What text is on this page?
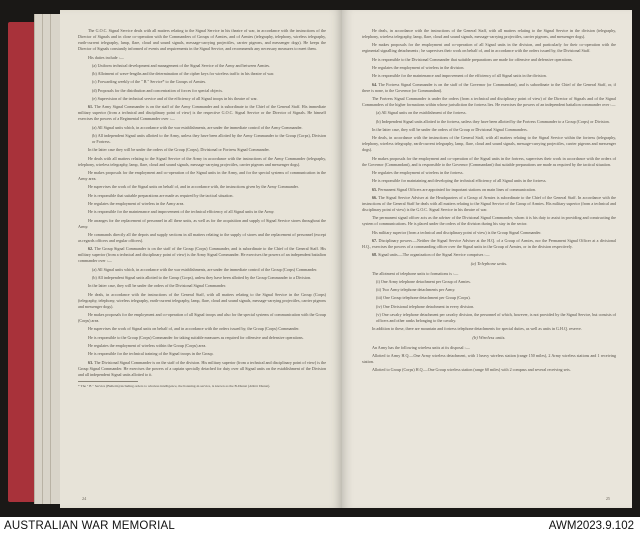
The G.O.C. Signal Service deals with all matters relating to the Signal Service in his theatre of war, in accordance with the instructions of the Director of Signals and in close co-operation with the Commanders of Groups of Armies, and of Armies (telegraphy, telephony, wireless telegraphy, earth-current telegraphy, lamp, flare, cloud and sound signals, message-carrying projectiles, carrier pigeons, and messenger dogs). He keeps the Director of Signals constantly informed of events and requirements in the Signal Service, and recommends any necessary measures to meet them.
His duties include :—
(a) Uniform technical development and management of the Signal Service of the Army and between Armies.
(b) Allotment of wave-lengths and the determination of the cipher keys for wireless traffic in his theatre of war.
(c) Forwarding weekly of the " B " Service* to the Groups of Armies.
(d) Proposals for the distribution and concentration of forces for special objects.
(e) Supervision of the technical service and of the efficiency of all Signal troops in his theatre of war.
61. The Army Signal Commander is on the staff of the Army Commander and is subordinate to the Chief of the General Staff. His immediate military superior (from a technical and disciplinary point of view) is the respective G.O.C. Signal Service or the Director of Signals. He himself exercises the powers of a Regimental Commander over :—
(a) All Signal units which, in accordance with the war establishments, are under the immediate control of the Army Commander.
(b) All independent Signal units allotted to the Army, unless they have been allotted by the Army Commander to the Group (Corps), Division or Fortress.
In the latter case they will be under the orders of the Group (Corps), Divisional or Fortress Signal Commander.
He deals with all matters relating to the Signal Service of the Army in accordance with the instructions of the Army Commander (telegraphy, telephony, wireless telegraphy, lamp, flare, cloud and sound signals, message-carrying projectiles, carrier pigeons and messenger dogs).
He makes proposals for the employment and co-operation of the Signal units in the Army, and for the special systems of communication in the Army area.
He supervises the work of the Signal units on behalf of, and in accordance with, the instructions given by the Army Commander.
He is responsible that suitable preparations are made as required by the tactical situation.
He regulates the employment of wireless in the Army area.
He is responsible for the maintenance and improvement of the technical efficiency of all Signal units in the Army.
He arranges for the replacement of personnel in all these units, as well as for the acquisition and supply of Signal Service stores throughout the Army.
He commands directly all the depots and supply sections in all matters relating to the supply of stores and the replacement of personnel (except as regards officers and regular officers).
62. The Group Signal Commander is on the staff of the Group (Corps) Commander, and is subordinate to the Chief of the General Staff. His military superior (from a technical and disciplinary point of view) is the Army Signal Commander. He exercises the powers of an independent battalion commander over :—
(a) All Signal units which, in accordance with the war establishments, are under the immediate control of the Group (Corps) Commander.
(b) All independent Signal units allotted to the Group (Corps), unless they have been allotted by the Group Commander to a Division.
In the latter case, they will be under the orders of the Divisional Signal Commander.
He deals, in accordance with the instructions of the General Staff, with all matters relating to the Signal Service in the Group (Corps) (telegraphy, telephony, wireless telegraphy, earth-current telegraphy, lamp, flare, cloud and sound signals, message-carrying projectiles, carrier pigeons and messenger dogs).
He makes proposals for the employment and co-operation of all Signal troops and also for the special systems of communication with the Group (Corps) area.
He supervises the work of Signal units on behalf of, and in accordance with the orders issued by, the Group (Corps) Commander.
He is responsible to the Group (Corps) Commander for taking suitable measures as required for offensive and defensive operations.
He regulates the employment of wireless within the Group (Corps) area.
He is responsible for the technical training of the Signal troops in the Group.
63. The Divisional Signal Commander is on the staff of the division. His military superior (from a technical and disciplinary point of view) is the Group Signal Commander. He exercises the powers of a captain specially detached for duty over all Signal units on the establishment of the Division and all independent Signal units allotted to it.
* The " B " Service (Bulletin) including orders to wireless intelligence, the listening-in service, is known as the B-Dienst (Abhör Dienst).
24
He deals, in accordance with the instructions of the General Staff, with all matters relating to the Signal Service in the division (telegraphy, telephony, wireless telegraphy, lamp, flare, cloud and sound signals, message-carrying projectiles, carrier pigeons, and messenger dogs).
He makes proposals for the employment and co-operation of all Signal units in the division, and particularly for their co-operation with the regimental signalling detachments ; he supervises their work on behalf of, and in accordance with the orders issued by, the Divisional Staff.
He is responsible to the Divisional Commander that suitable preparations are made for offensive and defensive operations.
He regulates the employment of wireless in the division.
He is responsible for the maintenance and improvement of the efficiency of all Signal units in the division.
64. The Fortress Signal Commander is on the staff of the Governor (or Commandant), and is subordinate to the Chief of the General Staff, or, if there is none, to the Governor (or Commandant).
The Fortress Signal Commander is under the orders (from a technical and disciplinary point of view) of the Director of Signals and of the Signal Commanders of the higher formations within whose jurisdiction the fortress lies. He exercises the powers of an independent battalion commander over :—
(a) All Signal units on the establishment of the fortress.
(b) Independent Signal units allotted to the fortress, unless they have been allotted by the Fortress Commander to a Group (Corps) or Division.
In the latter case, they will be under the orders of the Group or Divisional Signal Commanders.
He deals, in accordance with the instructions of the General Staff, with all matters relating to the Signal Service within the fortress (telegraphy, telephony, wireless telegraphy, earth-current telegraphy, lamp, flare, cloud and sound signals, message-carrying projectiles, carrier pigeons and messenger dogs).
He makes proposals for the employment and co-operation of the Signal units in the fortress, supervises their work in accordance with the orders of the Governor (Commandant), and is responsible to the Governor (Commandant) that suitable preparations are made as required by the tactical situation.
He regulates the employment of wireless in the fortress.
He is responsible for maintaining and developing the technical efficiency of all Signal units in the fortress.
65. Permanent Signal Officers are appointed for important stations on main lines of communication.
66. The Signal Service Adviser at the Headquarters of a Group of Armies is subordinate to the Chief of the General Staff. In accordance with the instructions of the General Staff he deals with all matters relating to the Signal Service of the Group of Armies. His military superior (from a technical and disciplinary point of view) is the G.O.C. Signal Service in his theatre of war.
The permanent signal officer acts as the adviser of the Divisional Signal Commander, whom it is his duty to assist in providing and constructing the system of communications. He is placed under the orders of the division during his stay in the sector.
His military superior (from a technical and disciplinary point of view) is the Group Signal Commander.
67. Disciplinary powers.—Neither the Signal Service Adviser at the H.Q. of a Group of Armies, nor the Permanent Signal Officer at a divisional H.Q., exercises the powers of a commanding officer over the Signal units in the Group of Armies, or in the division respectively.
68. Signal units.—The organization of the Signal Service comprises :—
(a) Telephone units.
The allotment of telephone units to formations is :—
(i) One Army telephone detachment per Group of Armies.
(ii) Two Army telephone detachments per Army.
(iii) One Group telephone detachment per Group (Corps).
(iv) One Divisional telephone detachment in every division.
(v) One cavalry telephone detachment per cavalry division, the personnel of which, however, is not provided by the Signal Service, but consists of officers and other ranks belonging to the cavalry.
In addition to these, there are mountain and fortress telephone detachments for special duties, as well as units in G.H.Q. reserve.
(b) Wireless units.
An Army has the following wireless units at its disposal :—
Allotted to Army H.Q.—One Army wireless detachment, with 1 heavy wireless station (range 150 miles), 2 Army wireless stations and 1 receiving station.
Allotted to Group (Corps) H.Q.—One Group wireless station (range 60 miles) with 2 compass and several receiving sets.
25
AUSTRALIAN WAR MEMORIAL	AWM2023.9.102
